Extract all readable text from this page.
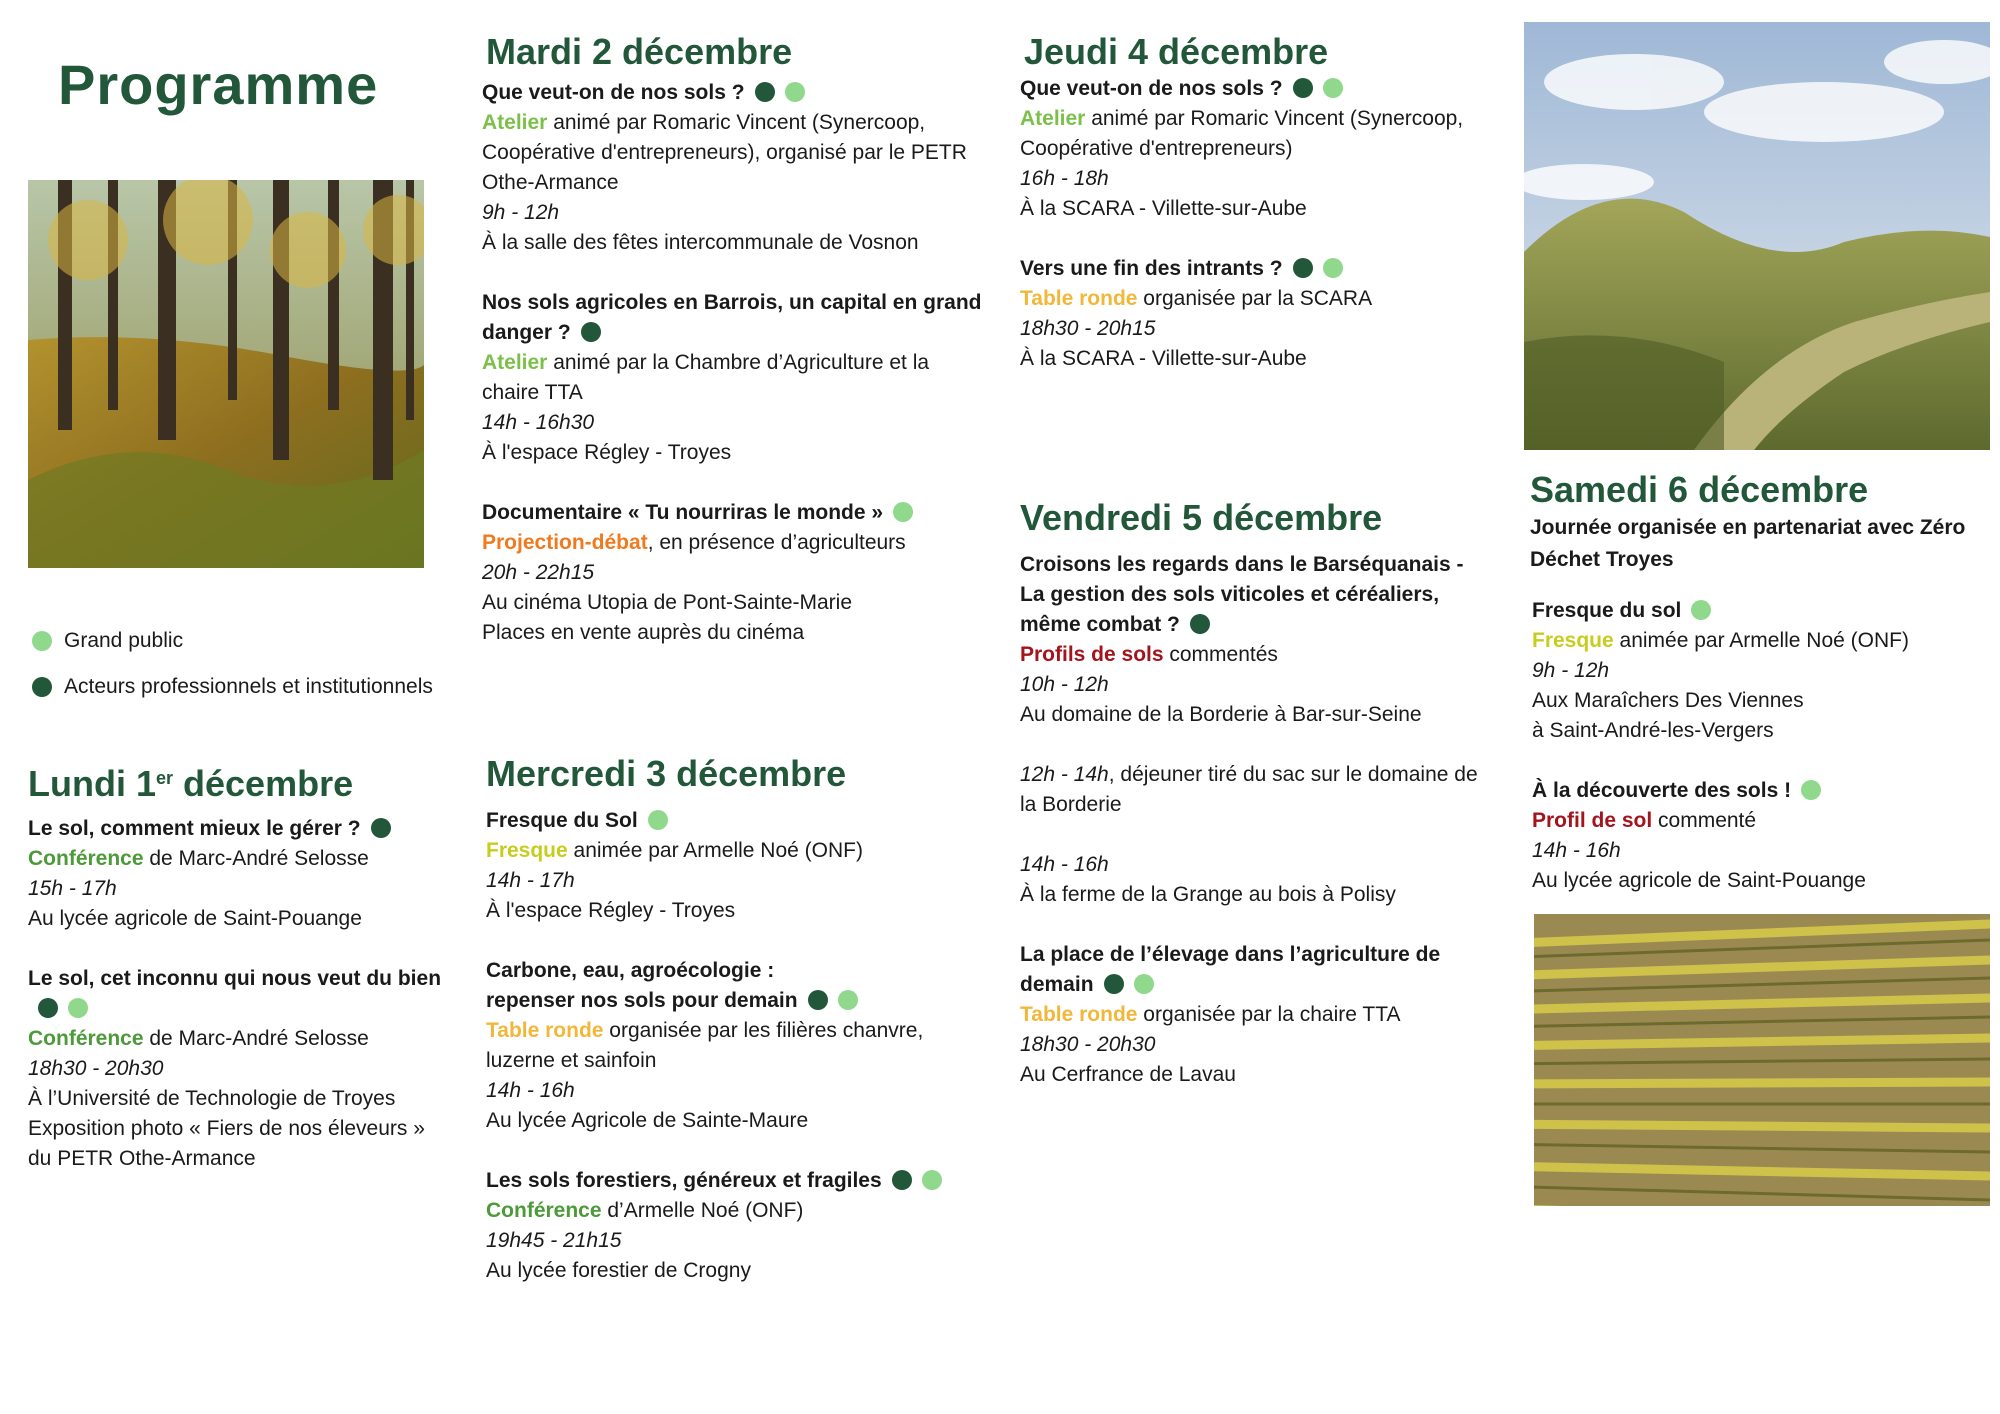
Programme
Grand public
Acteurs professionnels et institutionnels
Lundi 1er décembre
Le sol, comment mieux le gérer ?
Conférence de Marc-André Selosse
15h - 17h
Au lycée agricole de Saint-Pouange
Le sol, cet inconnu qui nous veut du bien
Conférence de Marc-André Selosse
18h30 - 20h30
À l’Université de Technologie de Troyes
Exposition photo « Fiers de nos éleveurs »
du PETR Othe-Armance
Mardi 2 décembre
Que veut-on de nos sols ?
Atelier animé par Romaric Vincent (Synercoop, Coopérative d'entrepreneurs), organisé par le PETR Othe-Armance
9h - 12h
À la salle des fêtes intercommunale de Vosnon
Nos sols agricoles en Barrois, un capital en grand danger ?
Atelier animé par la Chambre d’Agriculture et la chaire TTA
14h - 16h30
À l'espace Régley - Troyes
Documentaire « Tu nourriras le monde »
Projection-débat, en présence d’agriculteurs
20h - 22h15
Au cinéma Utopia de Pont-Sainte-Marie
Places en vente auprès du cinéma
Mercredi 3 décembre
Fresque du Sol
Fresque animée par Armelle Noé (ONF)
14h - 17h
À l'espace Régley - Troyes
Carbone, eau, agroécologie :
repenser nos sols pour demain
Table ronde organisée par les filières chanvre, luzerne et sainfoin
14h - 16h
Au lycée Agricole de Sainte-Maure
Les sols forestiers, généreux et fragiles
Conférence d’Armelle Noé (ONF)
19h45 - 21h15
Au lycée forestier de Crogny
Jeudi 4 décembre
Que veut-on de nos sols ?
Atelier animé par Romaric Vincent (Synercoop, Coopérative d'entrepreneurs)
16h - 18h
À la SCARA - Villette-sur-Aube
Vers une fin des intrants ?
Table ronde organisée par la SCARA
18h30 - 20h15
À la SCARA - Villette-sur-Aube
Vendredi 5 décembre
Croisons les regards dans le Barséquanais - La gestion des sols viticoles et céréaliers, même combat ?
Profils de sols commentés
10h - 12h
Au domaine de la Borderie à Bar-sur-Seine
12h - 14h, déjeuner tiré du sac sur le domaine de la Borderie
14h - 16h
À la ferme de la Grange au bois à Polisy
La place de l’élevage dans l’agriculture de demain
Table ronde organisée par la chaire TTA
18h30 - 20h30
Au Cerfrance de Lavau
Samedi 6 décembre
Journée organisée en partenariat avec Zéro Déchet Troyes
Fresque du sol
Fresque animée par Armelle Noé (ONF)
9h - 12h
Aux Maraîchers Des Viennes
à Saint-André-les-Vergers
À la découverte des sols !
Profil de sol commenté
14h - 16h
Au lycée agricole de Saint-Pouange
